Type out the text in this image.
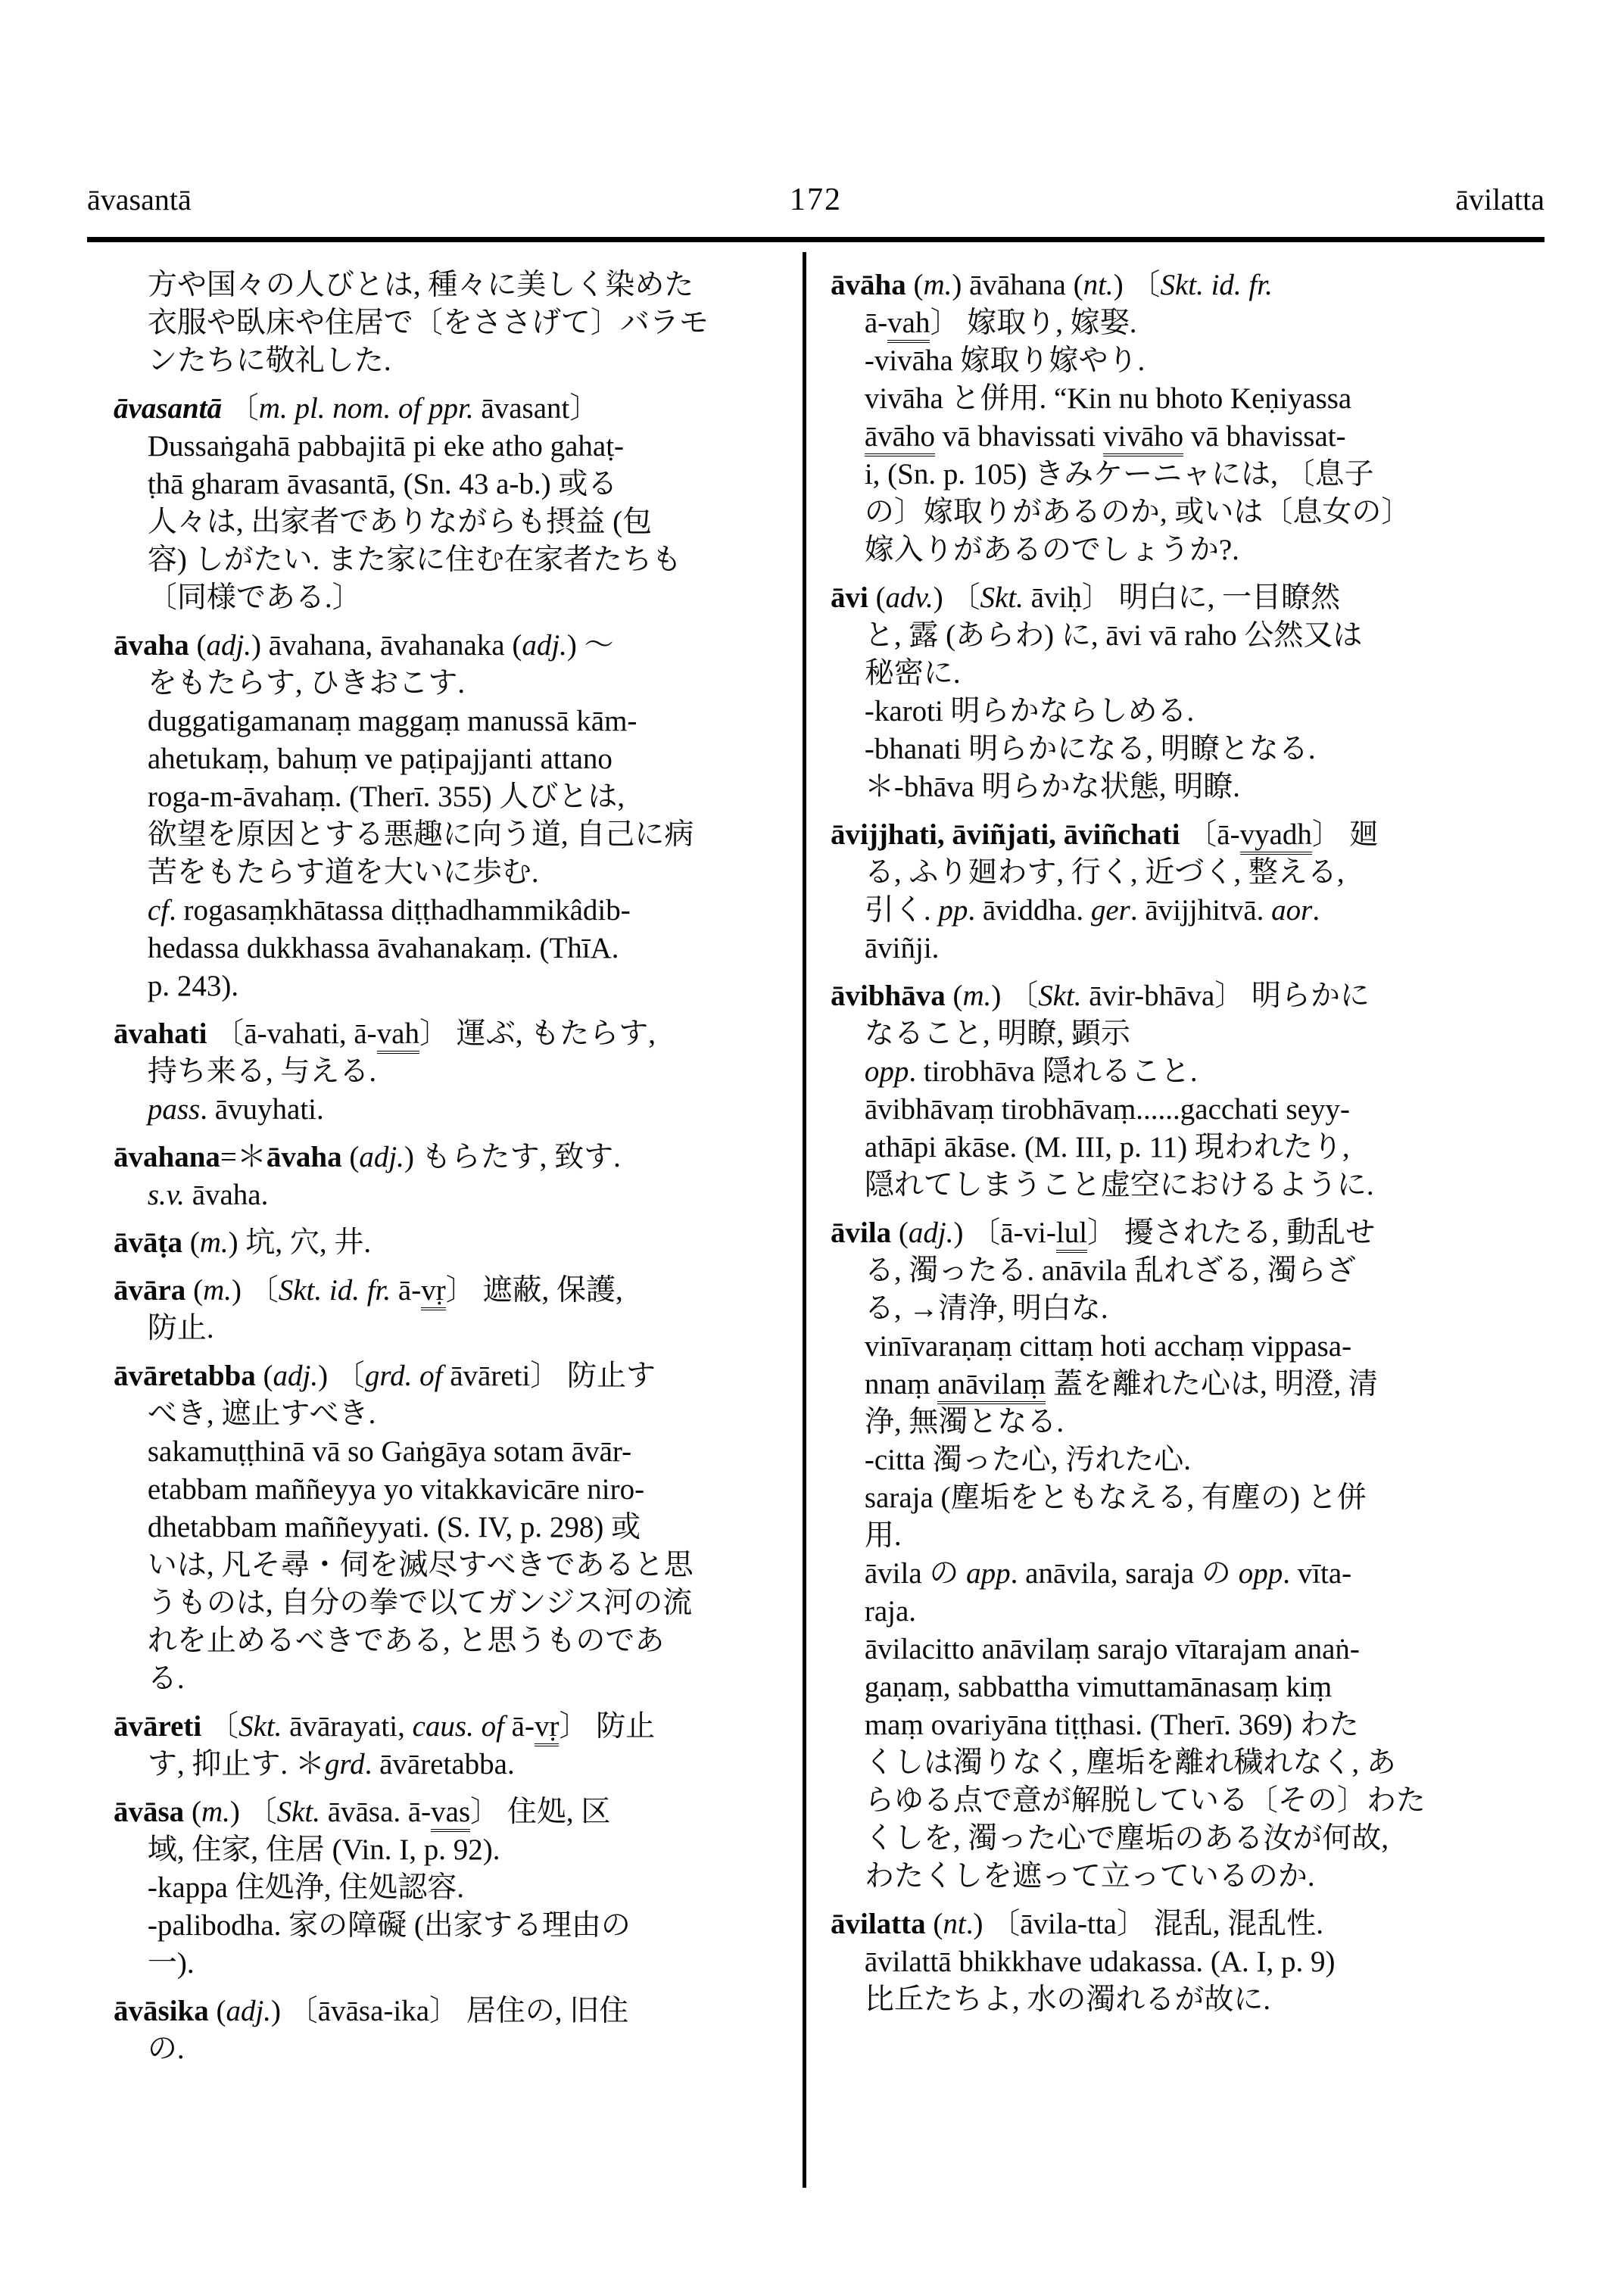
172
āvasantā	āvilatta
方や国々の人びとは, 種々に美しく染めた
衣服や臥床や住居で〔をささげて〕バラモ
ンたちに敬礼した.
āvasantā 〔m. pl. nom. of ppr. āvasant〕
Dussaṅgahā pabbajitā pi eke atho gahaṭ-
ṭhā gharam āvasantā, (Sn. 43 a-b.) 或る
人々は, 出家者でありながらも摂益 (包
容) しがたい. また家に住む在家者たちも
〔同様である.〕
āvaha (adj.) āvahana, āvahanaka (adj.) ～
をもたらす, ひきおこす.
duggatigamanaṃ maggaṃ manussā kām-
ahetukaṃ, bahuṃ ve paṭipajjanti attano
roga-m-āvahaṃ. (Therī. 355) 人びとは,
欲望を原因とする悪趣に向う道, 自己に病
苦をもたらす道を大いに歩む.
cf. rogasaṃkhātassa diṭṭhadhammikâdib-
hedassa dukkhassa āvahanakaṃ. (ThīA.
p. 243).
āvahati 〔ā-vahati, ā-vah〕 運ぶ, もたらす,
持ち来る, 与える.
pass. āvuyhati.
āvahana=＊āvaha (adj.) もらたす, 致す.
s.v. āvaha.
āvāṭa (m.) 坑, 穴, 井.
āvāra (m.) 〔Skt. id. fr. ā-vṛ〕 遮蔽, 保護,
防止.
āvāretabba (adj.) 〔grd. of āvāreti〕 防止す
べき, 遮止すべき.
sakamuṭṭhinā vā so Gaṅgāya sotam āvār-
etabbam maññeyya yo vitakkavicāre niro-
dhetabbam maññeyyati. (S. IV, p. 298) 或
いは, 凡そ尋・伺を滅尽すべきであると思
うものは, 自分の拳で以てガンジス河の流
れを止めるべきである, と思うものであ
る.
āvāreti 〔Skt. āvārayati, caus. of ā-vṛ〕 防止
す, 抑止す. ＊grd. āvāretabba.
āvāsa (m.) 〔Skt. āvāsa. ā-vas〕 住処, 区
域, 住家, 住居 (Vin. I, p. 92).
-kappa 住処浄, 住処認容.
-palibodha. 家の障礙 (出家する理由の
一).
āvāsika (adj.) 〔āvāsa-ika〕 居住の, 旧住
の.
āvāha (m.) āvāhana (nt.) 〔Skt. id. fr.
ā-vah〕 嫁取り, 嫁娶.
-vivāha 嫁取り嫁やり.
vivāha と併用. “Kin nu bhoto Keṇiyassa
āvāho vā bhavissati vivāho vā bhavissat-
i, (Sn. p. 105) きみケーニャには, 〔息子
の〕嫁取りがあるのか, 或いは〔息女の〕
嫁入りがあるのでしょうか?.
āvi (adv.) 〔Skt. āviḥ〕 明白に, 一目瞭然
と, 露 (あらわ) に, āvi vā raho 公然又は
秘密に.
-karoti 明らかならしめる.
-bhanati 明らかになる, 明瞭となる.
＊-bhāva 明らかな状態, 明瞭.
āvijjhati, āviñjati, āviñchati 〔ā-vyadh〕 廻
る, ふり廻わす, 行く, 近づく, 整える,
引く. pp. āviddha. ger. āvijjhitvā. aor.
āviñji.
āvibhāva (m.) 〔Skt. āvir-bhāva〕 明らかに
なること, 明瞭, 顕示
opp. tirobhāva 隠れること.
āvibhāvaṃ tirobhāvaṃ......gacchati seyy-
athāpi ākāse. (M. III, p. 11) 現われたり,
隠れてしまうこと虚空におけるように.
āvila (adj.) 〔ā-vi-lul〕 擾されたる, 動乱せ
る, 濁ったる. anāvila 乱れざる, 濁らざ
る, →清浄, 明白な.
vinīvaraṇaṃ cittaṃ hoti acchaṃ vippasa-
nnaṃ anāvilaṃ 蓋を離れた心は, 明澄, 清
浄, 無濁となる.
-citta 濁った心, 汚れた心.
saraja (塵垢をともなえる, 有塵の) と併
用.
āvila の app. anāvila, saraja の opp. vīta-
raja.
āvilacitto anāvilaṃ sarajo vītarajam anaṅ-
gaṇaṃ, sabbattha vimuttamānasaṃ kiṃ
maṃ ovariyāna tiṭṭhasi. (Therī. 369) わた
くしは濁りなく, 塵垢を離れ穢れなく, あ
らゆる点で意が解脱している〔その〕わた
くしを, 濁った心で塵垢のある汝が何故,
わたくしを遮って立っているのか.
āvilatta (nt.) 〔āvila-tta〕 混乱, 混乱性.
āvilattā bhikkhave udakassa. (A. I, p. 9)
比丘たちよ, 水の濁れるが故に.
